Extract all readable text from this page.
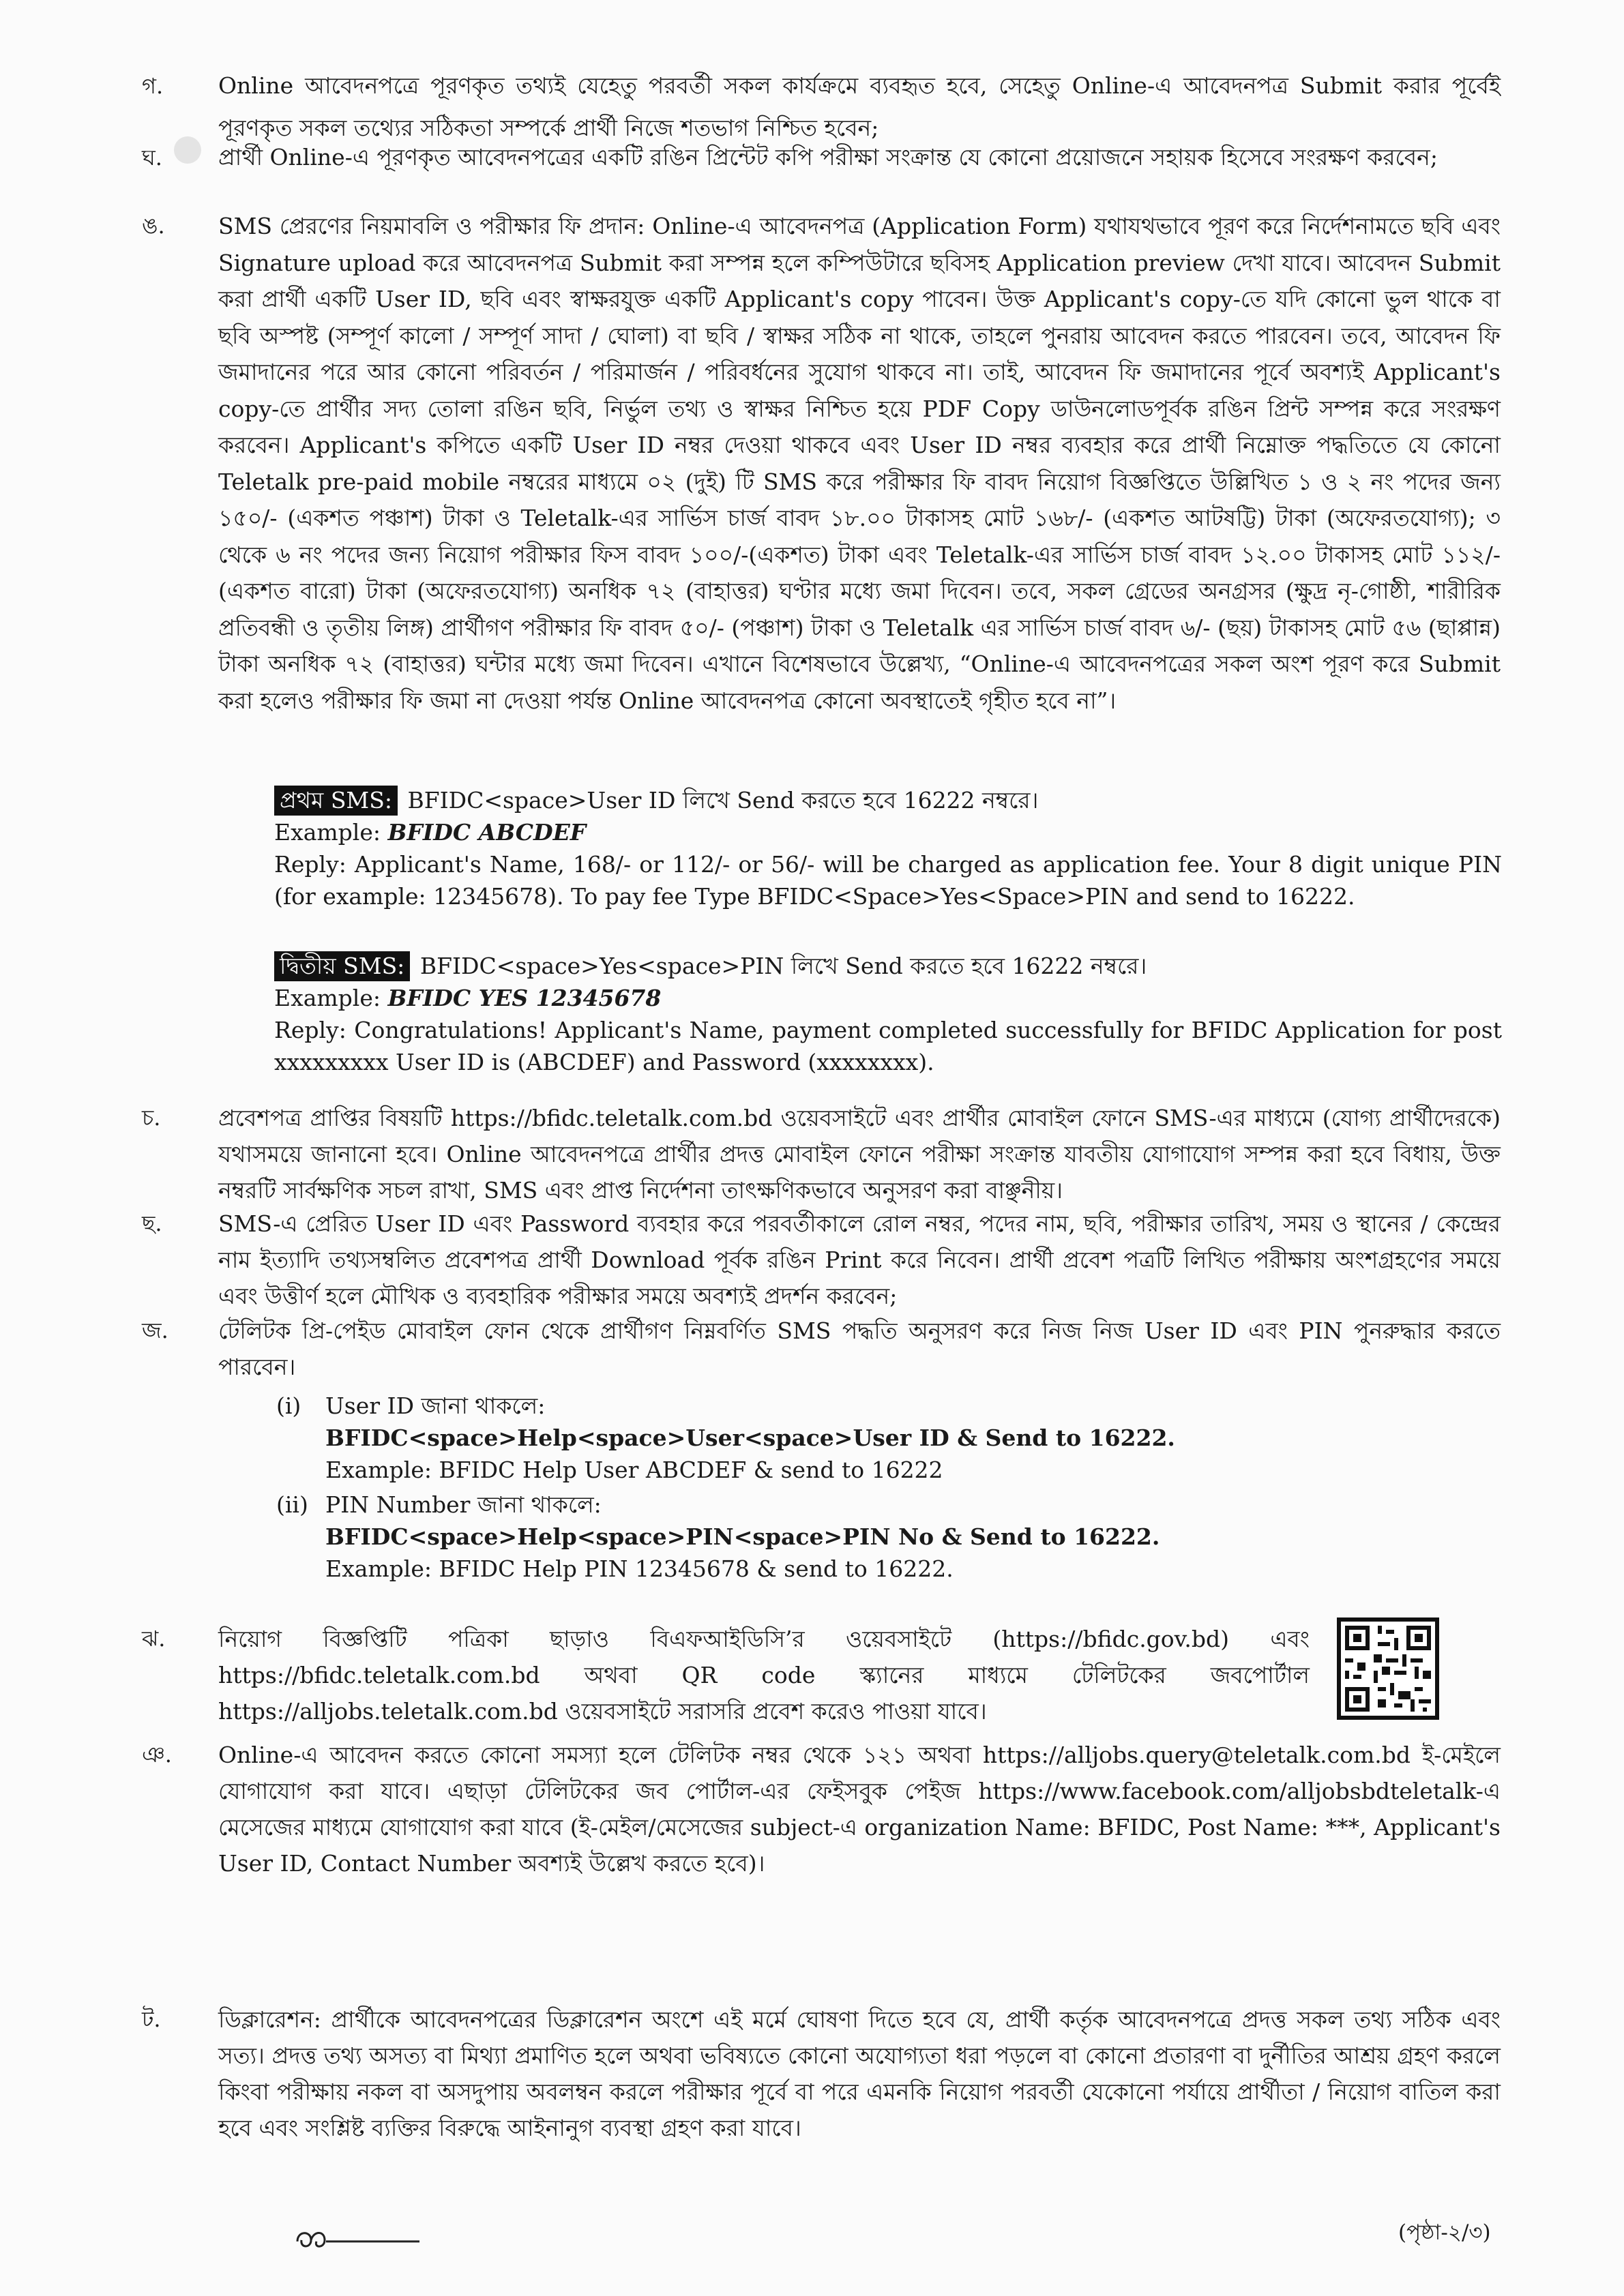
গ.	Online আবেদনপত্রে পূরণকৃত তথ্যই যেহেতু পরবর্তী সকল কার্যক্রমে ব্যবহৃত হবে, সেহেতু Online-এ আবেদনপত্র Submit করার পূর্বেই পূরণকৃত সকল তথ্যের সঠিকতা সম্পর্কে প্রার্থী নিজে শতভাগ নিশ্চিত হবেন;

ঘ.	প্রার্থী Online-এ পূরণকৃত আবেদনপত্রের একটি রঙিন প্রিন্টেট কপি পরীক্ষা সংক্রান্ত যে কোনো প্রয়োজনে সহায়ক হিসেবে সংরক্ষণ করবেন;

ঙ.	SMS প্রেরণের নিয়মাবলি ও পরীক্ষার ফি প্রদান: Online-এ আবেদনপত্র (Application Form) যথাযথভাবে পূরণ করে নির্দেশনামতে ছবি এবং Signature upload করে আবেদনপত্র Submit করা সম্পন্ন হলে কম্পিউটারে ছবিসহ Application preview দেখা যাবে। আবেদন Submit করা প্রার্থী একটি User ID, ছবি এবং স্বাক্ষরযুক্ত একটি Applicant's copy পাবেন। উক্ত Applicant's copy-তে যদি কোনো ভুল থাকে বা ছবি অস্পষ্ট (সম্পূর্ণ কালো / সম্পূর্ণ সাদা / ঘোলা) বা ছবি / স্বাক্ষর সঠিক না থাকে, তাহলে পুনরায় আবেদন করতে পারবেন। তবে, আবেদন ফি জমাদানের পরে আর কোনো পরিবর্তন / পরিমার্জন / পরিবর্ধনের সুযোগ থাকবে না। তাই, আবেদন ফি জমাদানের পূর্বে অবশ্যই Applicant's copy-তে প্রার্থীর সদ্য তোলা রঙিন ছবি, নির্ভুল তথ্য ও স্বাক্ষর নিশ্চিত হয়ে PDF Copy ডাউনলোডপূর্বক রঙিন প্রিন্ট সম্পন্ন করে সংরক্ষণ করবেন। Applicant's কপিতে একটি User ID নম্বর দেওয়া থাকবে এবং User ID নম্বর ব্যবহার করে প্রার্থী নিম্নোক্ত পদ্ধতিতে যে কোনো Teletalk pre-paid mobile নম্বরের মাধ্যমে ০২ (দুই) টি SMS করে পরীক্ষার ফি বাবদ নিয়োগ বিজ্ঞপ্তিতে উল্লিখিত ১ ও ২ নং পদের জন্য ১৫০/- (একশত পঞ্চাশ) টাকা ও Teletalk-এর সার্ভিস চার্জ বাবদ ১৮.০০ টাকাসহ মোট ১৬৮/- (একশত আটষট্টি) টাকা (অফেরতযোগ্য); ৩ থেকে ৬ নং পদের জন্য নিয়োগ পরীক্ষার ফিস বাবদ ১০০/-(একশত) টাকা এবং Teletalk-এর সার্ভিস চার্জ বাবদ ১২.০০ টাকাসহ মোট ১১২/- (একশত বারো) টাকা (অফেরতযোগ্য) অনধিক ৭২ (বাহাত্তর) ঘণ্টার মধ্যে জমা দিবেন। তবে, সকল গ্রেডের অনগ্রসর (ক্ষুদ্র নৃ-গোষ্ঠী, শারীরিক প্রতিবন্ধী ও তৃতীয় লিঙ্গ) প্রার্থীগণ পরীক্ষার ফি বাবদ ৫০/- (পঞ্চাশ) টাকা ও Teletalk এর সার্ভিস চার্জ বাবদ ৬/- (ছয়) টাকাসহ মোট ৫৬ (ছাপ্পান্ন) টাকা অনধিক ৭২ (বাহাত্তর) ঘন্টার মধ্যে জমা দিবেন। এখানে বিশেষভাবে উল্লেখ্য, “Online-এ আবেদনপত্রের সকল অংশ পূরণ করে Submit করা হলেও পরীক্ষার ফি জমা না দেওয়া পর্যন্ত Online আবেদনপত্র কোনো অবস্থাতেই গৃহীত হবে না”।

প্রথম SMS: BFIDC<space>User ID লিখে Send করতে হবে 16222 নম্বরে।

Example: BFIDC ABCDEF

Reply: Applicant's Name, 168/- or 112/- or 56/- will be charged as application fee. Your 8 digit unique PIN (for example: 12345678). To pay fee Type BFIDC<Space>Yes<Space>PIN and send to 16222.

দ্বিতীয় SMS: BFIDC<space>Yes<space>PIN লিখে Send করতে হবে 16222 নম্বরে।

Example: BFIDC YES 12345678

Reply: Congratulations! Applicant's Name, payment completed successfully for BFIDC Application for post xxxxxxxxx User ID is (ABCDEF) and Password (xxxxxxxx).

চ.	প্রবেশপত্র প্রাপ্তির বিষয়টি https://bfidc.teletalk.com.bd ওয়েবসাইটে এবং প্রার্থীর মোবাইল ফোনে SMS-এর মাধ্যমে (যোগ্য প্রার্থীদেরকে) যথাসময়ে জানানো হবে। Online আবেদনপত্রে প্রার্থীর প্রদত্ত মোবাইল ফোনে পরীক্ষা সংক্রান্ত যাবতীয় যোগাযোগ সম্পন্ন করা হবে বিধায়, উক্ত নম্বরটি সার্বক্ষণিক সচল রাখা, SMS এবং প্রাপ্ত নির্দেশনা তাৎক্ষণিকভাবে অনুসরণ করা বাঞ্ছনীয়।

ছ.	SMS-এ প্রেরিত User ID এবং Password ব্যবহার করে পরবর্তীকালে রোল নম্বর, পদের নাম, ছবি, পরীক্ষার তারিখ, সময় ও স্থানের / কেন্দ্রের নাম ইত্যাদি তথ্যসম্বলিত প্রবেশপত্র প্রার্থী Download পূর্বক রঙিন Print করে নিবেন। প্রার্থী প্রবেশ পত্রটি লিখিত পরীক্ষায় অংশগ্রহণের সময়ে এবং উত্তীর্ণ হলে মৌখিক ও ব্যবহারিক পরীক্ষার সময়ে অবশ্যই প্রদর্শন করবেন;

জ.	টেলিটক প্রি-পেইড মোবাইল ফোন থেকে প্রার্থীগণ নিম্নবর্ণিত SMS পদ্ধতি অনুসরণ করে নিজ নিজ User ID এবং PIN পুনরুদ্ধার করতে পারবেন।

(i)	User ID জানা থাকলে:

BFIDC<space>Help<space>User<space>User ID & Send to 16222.

Example: BFIDC Help User ABCDEF & send to 16222

(ii) PIN Number জানা থাকলে:

BFIDC<space>Help<space>PIN<space>PIN No & Send to 16222.

Example: BFIDC Help PIN 12345678 & send to 16222.

ঝ.	নিয়োগ বিজ্ঞপ্তিটি পত্রিকা ছাড়াও বিএফআইডিসি’র ওয়েবসাইটে (https://bfidc.gov.bd) এবং https://bfidc.teletalk.com.bd অথবা QR code স্ক্যানের মাধ্যমে টেলিটকের জবপোর্টাল https://alljobs.teletalk.com.bd ওয়েবসাইটে সরাসরি প্রবেশ করেও পাওয়া যাবে।

ঞ.	Online-এ আবেদন করতে কোনো সমস্যা হলে টেলিটক নম্বর থেকে ১২১ অথবা https://alljobs.query@teletalk.com.bd ই-মেইলে যোগাযোগ করা যাবে। এছাড়া টেলিটকের জব পোর্টাল-এর ফেইসবুক পেইজ https://www.facebook.com/alljobsbdteletalk-এ মেসেজের মাধ্যমে যোগাযোগ করা যাবে (ই-মেইল/মেসেজের subject-এ organization Name: BFIDC, Post Name: ***, Applicant's User ID, Contact Number অবশ্যই উল্লেখ করতে হবে)।

ট.	ডিক্লারেশন: প্রার্থীকে আবেদনপত্রের ডিক্লারেশন অংশে এই মর্মে ঘোষণা দিতে হবে যে, প্রার্থী কর্তৃক আবেদনপত্রে প্রদত্ত সকল তথ্য সঠিক এবং সত্য। প্রদত্ত তথ্য অসত্য বা মিথ্যা প্রমাণিত হলে অথবা ভবিষ্যতে কোনো অযোগ্যতা ধরা পড়লে বা কোনো প্রতারণা বা দুর্নীতির আশ্রয় গ্রহণ করলে কিংবা পরীক্ষায় নকল বা অসদুপায় অবলম্বন করলে পরীক্ষার পূর্বে বা পরে এমনকি নিয়োগ পরবর্তী যেকোনো পর্যায়ে প্রার্থীতা / নিয়োগ বাতিল করা হবে এবং সংশ্লিষ্ট ব্যক্তির বিরুদ্ধে আইনানুগ ব্যবস্থা গ্রহণ করা যাবে।

(পৃষ্ঠা-২/৩)
